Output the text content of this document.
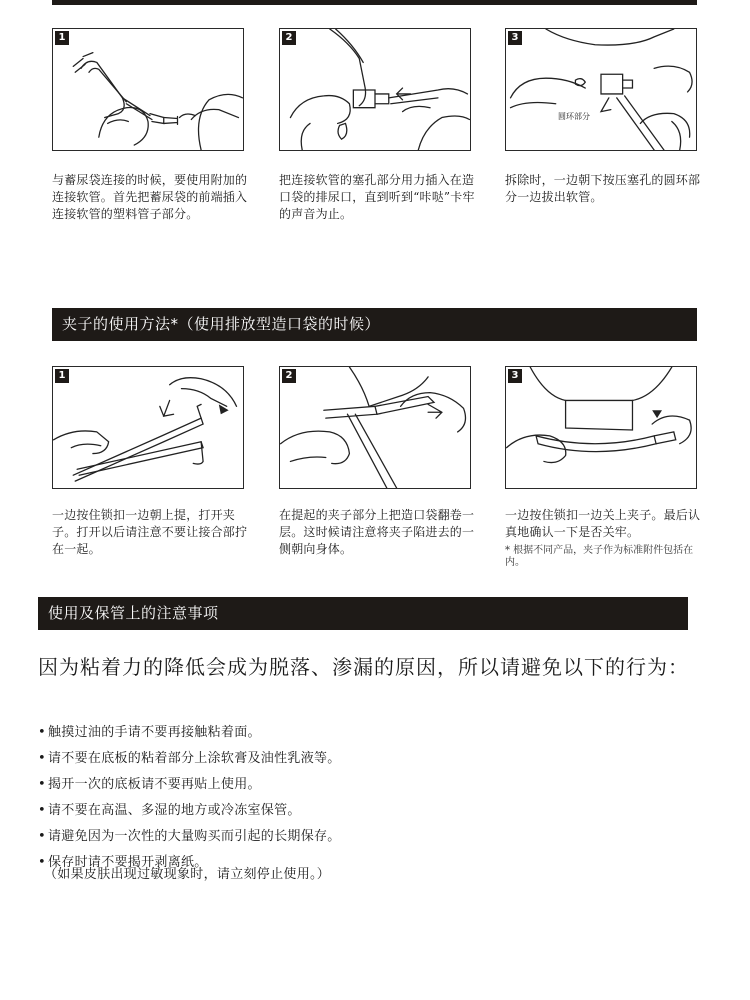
1
与蓄尿袋连接的时候，要使用附加的连接软管。首先把蓄尿袋的前端插入连接软管的塑料管子部分。
2
把连接软管的塞孔部分用力插入在造口袋的排尿口，直到听到“咔哒”卡牢的声音为止。
3
圆环部分
拆除时，一边朝下按压塞孔的圆环部分一边拔出软管。
夹子的使用方法*（使用排放型造口袋的时候）
1
一边按住锁扣一边朝上提，打开夹子。打开以后请注意不要让接合部拧在一起。
2
在提起的夹子部分上把造口袋翻卷一层。这时候请注意将夹子陷进去的一侧朝向身体。
3
一边按住锁扣一边关上夹子。最后认真地确认一下是否关牢。
* 根据不同产品，夹子作为标准附件包括在内。
使用及保管上的注意事项
因为粘着力的降低会成为脱落、渗漏的原因，所以请避免以下的行为：
• 触摸过油的手请不要再接触粘着面。
• 请不要在底板的粘着部分上涂软膏及油性乳液等。
• 揭开一次的底板请不要再贴上使用。
• 请不要在高温、多湿的地方或冷冻室保管。
• 请避免因为一次性的大量购买而引起的长期保存。
• 保存时请不要揭开剥离纸。
（如果皮肤出现过敏现象时，请立刻停止使用。）
